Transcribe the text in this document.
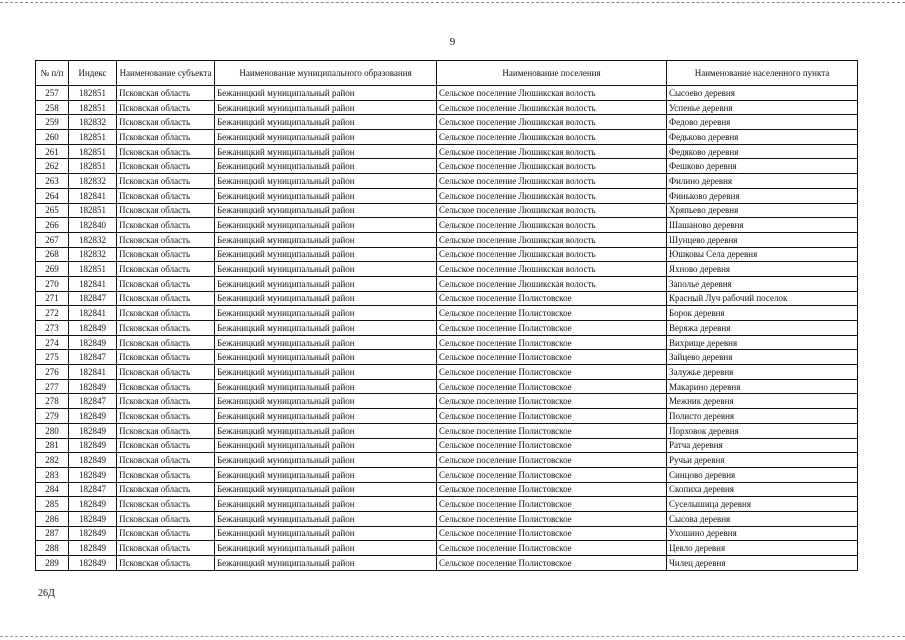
9
№ п/п	Индекс	Наименование субъекта	Наименование муниципального образования	Наименование поселения	Наименование населенного пункта
257	182851	Псковская область	Бежаницкий муниципальный район	Сельское поселение Люшикская волость	Сысоево деревня
258	182851	Псковская область	Бежаницкий муниципальный район	Сельское поселение Люшикская волость	Успенье деревня
259	182832	Псковская область	Бежаницкий муниципальный район	Сельское поселение Люшикская волость	Федово деревня
260	182851	Псковская область	Бежаницкий муниципальный район	Сельское поселение Люшикская волость	Федьково деревня
261	182851	Псковская область	Бежаницкий муниципальный район	Сельское поселение Люшикская волость	Федяково деревня
262	182851	Псковская область	Бежаницкий муниципальный район	Сельское поселение Люшикская волость	Фешково деревня
263	182832	Псковская область	Бежаницкий муниципальный район	Сельское поселение Люшикская волость	Филино деревня
264	182841	Псковская область	Бежаницкий муниципальный район	Сельское поселение Люшикская волость	Финьково деревня
265	182851	Псковская область	Бежаницкий муниципальный район	Сельское поселение Люшикская волость	Хряпьево деревня
266	182840	Псковская область	Бежаницкий муниципальный район	Сельское поселение Люшикская волость	Шашаново деревня
267	182832	Псковская область	Бежаницкий муниципальный район	Сельское поселение Люшикская волость	Шунцево деревня
268	182832	Псковская область	Бежаницкий муниципальный район	Сельское поселение Люшикская волость	Юшковы Села деревня
269	182851	Псковская область	Бежаницкий муниципальный район	Сельское поселение Люшикская волость	Яхново деревня
270	182841	Псковская область	Бежаницкий муниципальный район	Сельское поселение Люшикская волость	Заполье деревня
271	182847	Псковская область	Бежаницкий муниципальный район	Сельское поселение Полистовское	Красный Луч рабочий поселок
272	182841	Псковская область	Бежаницкий муниципальный район	Сельское поселение Полистовское	Борок деревня
273	182849	Псковская область	Бежаницкий муниципальный район	Сельское поселение Полистовское	Веряжа деревня
274	182849	Псковская область	Бежаницкий муниципальный район	Сельское поселение Полистовское	Вихрище деревня
275	182847	Псковская область	Бежаницкий муниципальный район	Сельское поселение Полистовское	Зайцево деревня
276	182841	Псковская область	Бежаницкий муниципальный район	Сельское поселение Полистовское	Залужье деревня
277	182849	Псковская область	Бежаницкий муниципальный район	Сельское поселение Полистовское	Макарино деревня
278	182847	Псковская область	Бежаницкий муниципальный район	Сельское поселение Полистовское	Межник деревня
279	182849	Псковская область	Бежаницкий муниципальный район	Сельское поселение Полистовское	Полисто деревня
280	182849	Псковская область	Бежаницкий муниципальный район	Сельское поселение Полистовское	Порховок деревня
281	182849	Псковская область	Бежаницкий муниципальный район	Сельское поселение Полистовское	Ратча деревня
282	182849	Псковская область	Бежаницкий муниципальный район	Сельское поселение Полистовское	Ручьи деревня
283	182849	Псковская область	Бежаницкий муниципальный район	Сельское поселение Полистовское	Синцово деревня
284	182847	Псковская область	Бежаницкий муниципальный район	Сельское поселение Полистовское	Скопиха деревня
285	182849	Псковская область	Бежаницкий муниципальный район	Сельское поселение Полистовское	Суселышица деревня
286	182849	Псковская область	Бежаницкий муниципальный район	Сельское поселение Полистовское	Сысова деревня
287	182849	Псковская область	Бежаницкий муниципальный район	Сельское поселение Полистовское	Ухошино деревня
288	182849	Псковская область	Бежаницкий муниципальный район	Сельское поселение Полистовское	Цевло деревня
289	182849	Псковская область	Бежаницкий муниципальный район	Сельское поселение Полистовское	Чилец деревня
26Д
